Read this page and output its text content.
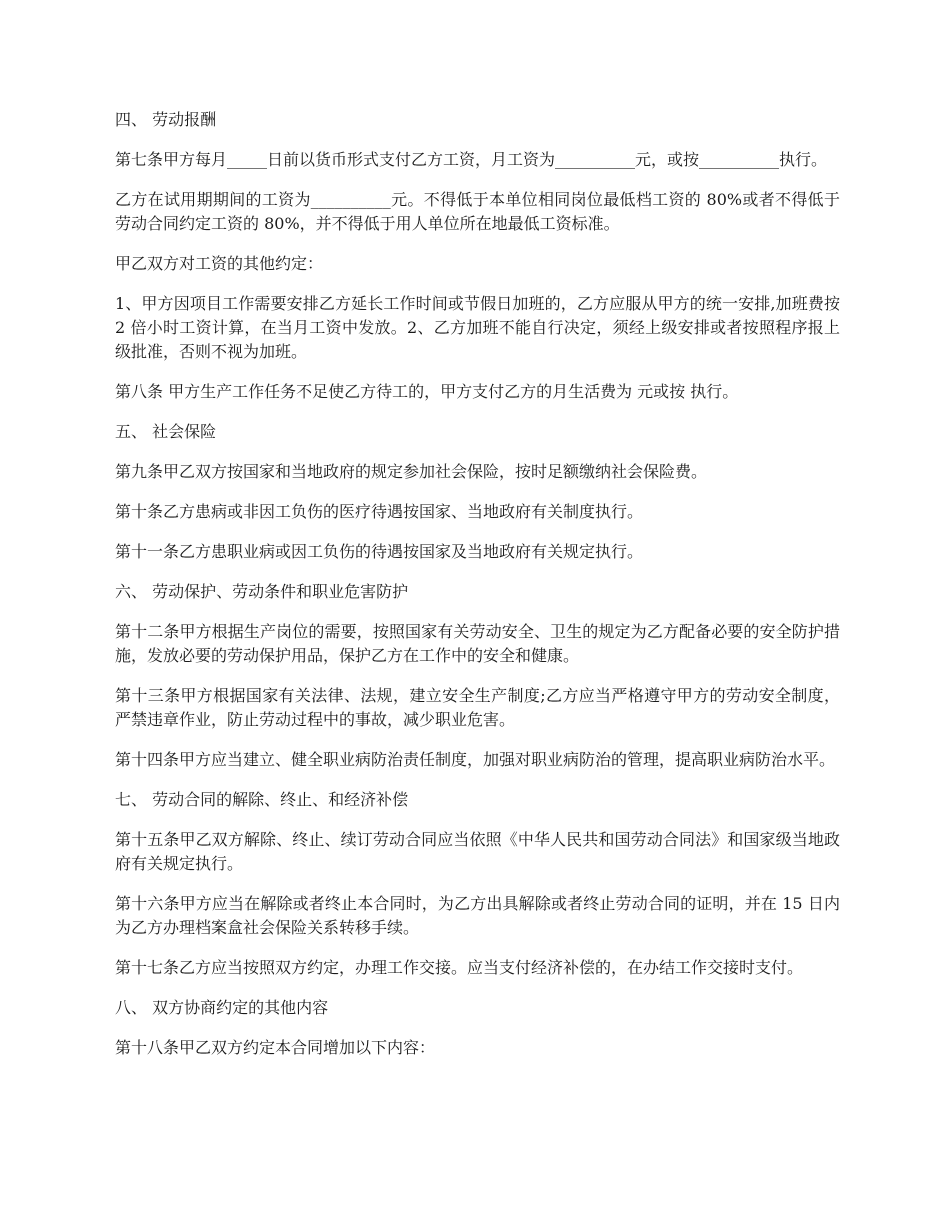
四、 劳动报酬

第七条甲方每月_____日前以货币形式支付乙方工资，月工资为__________元，或按__________执行。

乙方在试用期期间的工资为__________元。不得低于本单位相同岗位最低档工资的 80%或者不得低于劳动合同约定工资的 80%，并不得低于用人单位所在地最低工资标准。

甲乙双方对工资的其他约定：

1、甲方因项目工作需要安排乙方延长工作时间或节假日加班的，乙方应服从甲方的统一安排,加班费按 2 倍小时工资计算，在当月工资中发放。2、乙方加班不能自行决定，须经上级安排或者按照程序报上级批准，否则不视为加班。

第八条 甲方生产工作任务不足使乙方待工的，甲方支付乙方的月生活费为 元或按 执行。

五、 社会保险

第九条甲乙双方按国家和当地政府的规定参加社会保险，按时足额缴纳社会保险费。

第十条乙方患病或非因工负伤的医疗待遇按国家、当地政府有关制度执行。

第十一条乙方患职业病或因工负伤的待遇按国家及当地政府有关规定执行。

六、 劳动保护、劳动条件和职业危害防护

第十二条甲方根据生产岗位的需要，按照国家有关劳动安全、卫生的规定为乙方配备必要的安全防护措施，发放必要的劳动保护用品，保护乙方在工作中的安全和健康。

第十三条甲方根据国家有关法律、法规，建立安全生产制度;乙方应当严格遵守甲方的劳动安全制度，严禁违章作业，防止劳动过程中的事故，减少职业危害。

第十四条甲方应当建立、健全职业病防治责任制度，加强对职业病防治的管理，提高职业病防治水平。

七、 劳动合同的解除、终止、和经济补偿

第十五条甲乙双方解除、终止、续订劳动合同应当依照《中华人民共和国劳动合同法》和国家级当地政府有关规定执行。

第十六条甲方应当在解除或者终止本合同时，为乙方出具解除或者终止劳动合同的证明，并在 15 日内为乙方办理档案盒社会保险关系转移手续。

第十七条乙方应当按照双方约定，办理工作交接。应当支付经济补偿的，在办结工作交接时支付。

八、 双方协商约定的其他内容

第十八条甲乙双方约定本合同增加以下内容：
